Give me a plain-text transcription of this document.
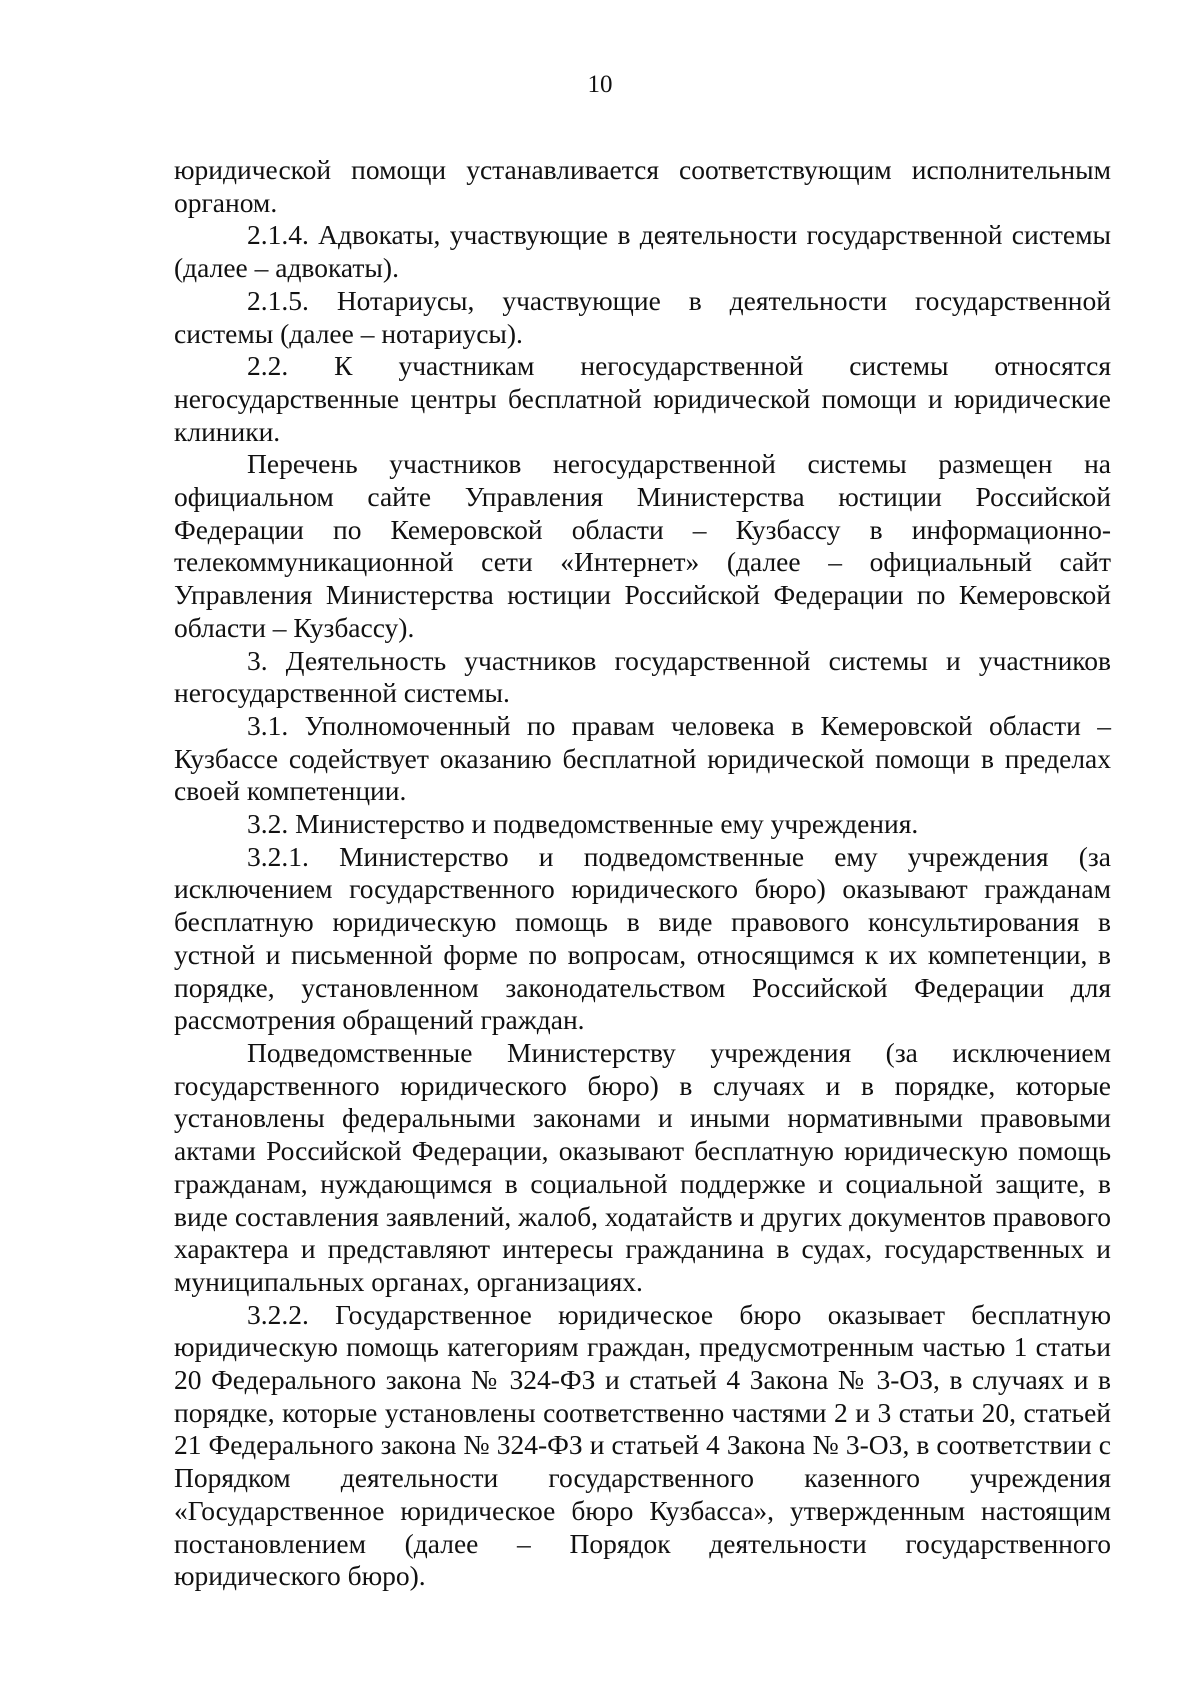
10

юридической помощи устанавливается соответствующим исполнительным органом.

2.1.4. Адвокаты, участвующие в деятельности государственной системы (далее – адвокаты).

2.1.5. Нотариусы, участвующие в деятельности государственной системы (далее – нотариусы).

2.2. К участникам негосударственной системы относятся негосударственные центры бесплатной юридической помощи и юридические клиники.

Перечень участников негосударственной системы размещен на официальном сайте Управления Министерства юстиции Российской Федерации по Кемеровской области – Кузбассу в информационно-телекоммуникационной сети «Интернет» (далее – официальный сайт Управления Министерства юстиции Российской Федерации по Кемеровской области – Кузбассу).

3. Деятельность участников государственной системы и участников негосударственной системы.

3.1. Уполномоченный по правам человека в Кемеровской области – Кузбассе содействует оказанию бесплатной юридической помощи в пределах своей компетенции.

3.2. Министерство и подведомственные ему учреждения.

3.2.1. Министерство и подведомственные ему учреждения (за исключением государственного юридического бюро) оказывают гражданам бесплатную юридическую помощь в виде правового консультирования в устной и письменной форме по вопросам, относящимся к их компетенции, в порядке, установленном законодательством Российской Федерации для рассмотрения обращений граждан.

Подведомственные Министерству учреждения (за исключением государственного юридического бюро) в случаях и в порядке, которые установлены федеральными законами и иными нормативными правовыми актами Российской Федерации, оказывают бесплатную юридическую помощь гражданам, нуждающимся в социальной поддержке и социальной защите, в виде составления заявлений, жалоб, ходатайств и других документов правового характера и представляют интересы гражданина в судах, государственных и муниципальных органах, организациях.

3.2.2. Государственное юридическое бюро оказывает бесплатную юридическую помощь категориям граждан, предусмотренным частью 1 статьи 20 Федерального закона № 324-ФЗ и статьей 4 Закона № 3-ОЗ, в случаях и в порядке, которые установлены соответственно частями 2 и 3 статьи 20, статьей 21 Федерального закона № 324-ФЗ и статьей 4 Закона № 3-ОЗ, в соответствии с Порядком деятельности государственного казенного учреждения «Государственное юридическое бюро Кузбасса», утвержденным настоящим постановлением (далее – Порядок деятельности государственного юридического бюро).
